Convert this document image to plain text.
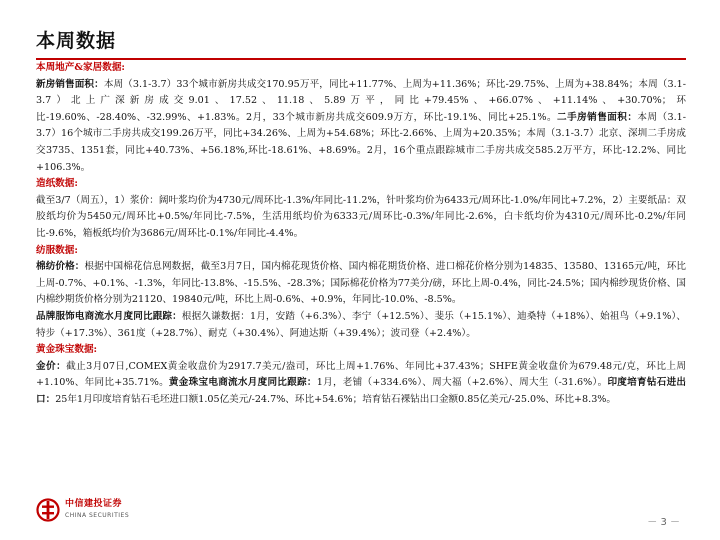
本周数据

本周地产&家居数据:

新房销售面积：本周（3.1-3.7）33个城市新房共成交170.95万平，同比+11.77%、上周为+11.36%；环比-29.75%、上周为+38.84%；本周（3.1-3.7）北上广深新房成交9.01、17.52、11.18、5.89万平，同比+79.45%、+66.07%、+11.14%、+30.70%；环比-19.60%、-28.40%、-32.99%、+1.83%。2月，33个城市新房共成交609.9万方，环比-19.1%、同比+25.1%。二手房销售面积：本周（3.1-3.7）16个城市二手房共成交199.26万平，同比+34.26%、上周为+54.68%；环比-2.66%、上周为+20.35%；本周（3.1-3.7）北京、深圳二手房成交3735、1351套，同比+40.73%、+56.18%,环比-18.61%、+8.69%。2月，16个重点跟踪城市二手房共成交585.2万平方，环比-12.2%、同比+106.3%。

造纸数据:

截至3/7（周五），1）浆价：阔叶浆均价为4730元/周环比-1.3%/年同比-11.2%，针叶浆均价为6433元/周环比-1.0%/年同比+7.2%，2）主要纸品：双胶纸均价为5450元/周环比+0.5%/年同比-7.5%，生活用纸均价为6333元/周环比-0.3%/年同比-2.6%，白卡纸均价为4310元/周环比-0.2%/年同比-9.6%，箱板纸均价为3686元/周环比-0.1%/年同比-4.4%。

纺服数据:

棉纺价格：根据中国棉花信息网数据，截至3月7日，国内棉花现货价格、国内棉花期货价格、进口棉花价格分别为14835、13580、13165元/吨，环比上周-0.7%、+0.1%、-1.3%，年同比-13.8%、-15.5%、-28.3%；国际棉花价格为77美分/磅，环比上周-0.4%，同比-24.5%；国内棉纱现货价格、国内棉纱期货价格分别为21120、19840元/吨，环比上周-0.6%、+0.9%，年同比-10.0%、-8.5%。

品牌服饰电商流水月度同比跟踪：根据久谦数据：1月，安踏（+6.3%）、李宁（+12.5%）、斐乐（+15.1%）、迪桑特（+18%）、始祖鸟（+9.1%）、特步（+17.3%）、361度（+28.7%）、耐克（+30.4%）、阿迪达斯（+39.4%）；波司登（+2.4%）。

黄金珠宝数据:

金价：截止3月07日,COMEX黄金收盘价为2917.7美元/盎司，环比上周+1.76%、年同比+37.43%；SHFE黄金收盘价为679.48元/克，环比上周+1.10%、年同比+35.71%。黄金珠宝电商流水月度同比跟踪：1月，老铺（+334.6%）、周大福（+2.6%）、周大生（-31.6%）。印度培育钻石进出口：25年1月印度培育钻石毛坯进口额1.05亿美元/-24.7%、环比+54.6%；培育钻石裸钻出口金额0.85亿美元/-25.0%、环比+8.3%。

中信建投证券
CHINA SECURITIES
－ 3 －
